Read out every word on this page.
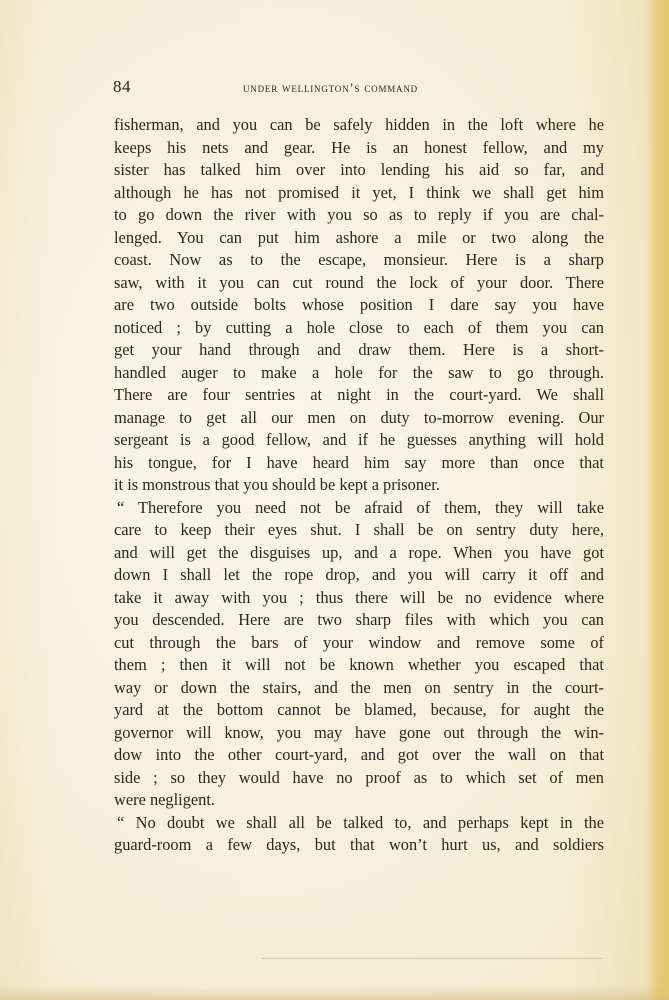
84	under wellington’s command
fisherman, and you can be safely hidden in the loft where he
keeps his nets and gear. He is an honest fellow, and my
sister has talked him over into lending his aid so far, and
although he has not promised it yet, I think we shall get him
to go down the river with you so as to reply if you are chal-
lenged. You can put him ashore a mile or two along the
coast. Now as to the escape, monsieur. Here is a sharp
saw, with it you can cut round the lock of your door. There
are two outside bolts whose position I dare say you have
noticed ; by cutting a hole close to each of them you can
get your hand through and draw them. Here is a short-
handled auger to make a hole for the saw to go through.
There are four sentries at night in the court-yard. We shall
manage to get all our men on duty to-morrow evening. Our
sergeant is a good fellow, and if he guesses anything will hold
his tongue, for I have heard him say more than once that
it is monstrous that you should be kept a prisoner.
“ Therefore you need not be afraid of them, they will take
care to keep their eyes shut. I shall be on sentry duty here,
and will get the disguises up, and a rope. When you have got
down I shall let the rope drop, and you will carry it off and
take it away with you ; thus there will be no evidence where
you descended. Here are two sharp files with which you can
cut through the bars of your window and remove some of
them ; then it will not be known whether you escaped that
way or down the stairs, and the men on sentry in the court-
yard at the bottom cannot be blamed, because, for aught the
governor will know, you may have gone out through the win-
dow into the other court-yard, and got over the wall on that
side ; so they would have no proof as to which set of men
were negligent.
“ No doubt we shall all be talked to, and perhaps kept in the
guard-room a few days, but that won’t hurt us, and soldiers
